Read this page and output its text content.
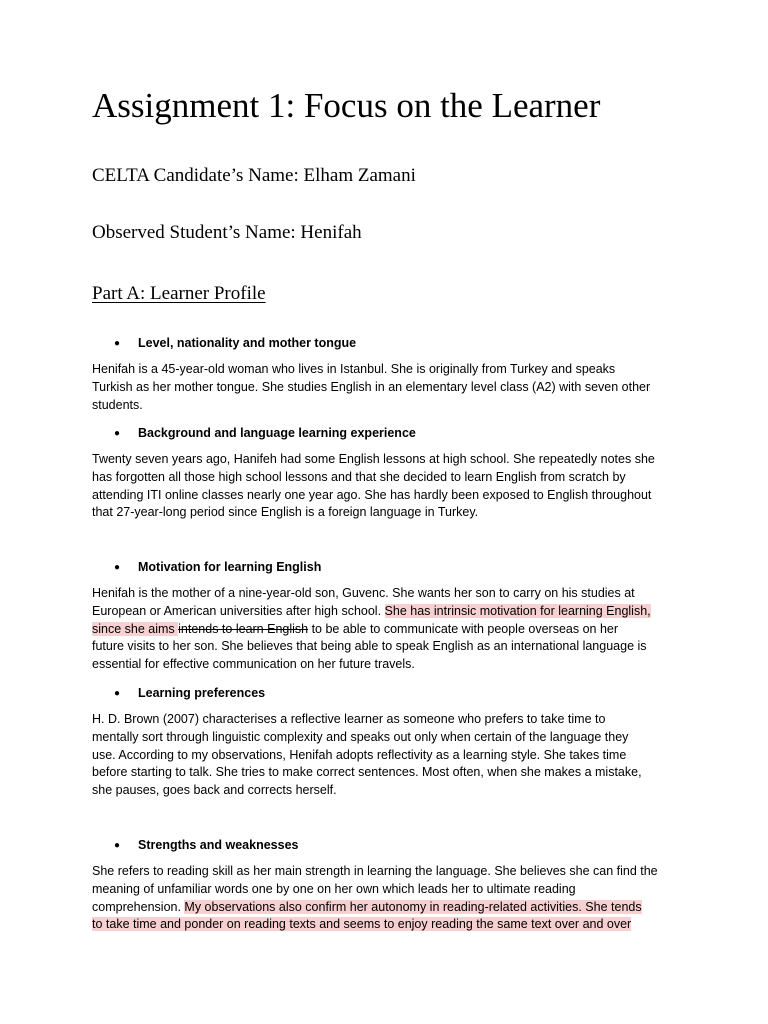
Assignment 1: Focus on the Learner

CELTA Candidate’s Name: Elham Zamani

Observed Student’s Name: Henifah

Part A: Learner Profile

● Level, nationality and mother tongue

Henifah is a 45-year-old woman who lives in Istanbul. She is originally from Turkey and speaks
Turkish as her mother tongue. She studies English in an elementary level class (A2) with seven other
students.

● Background and language learning experience

Twenty seven years ago, Hanifeh had some English lessons at high school. She repeatedly notes she
has forgotten all those high school lessons and that she decided to learn English from scratch by
attending ITI online classes nearly one year ago. She has hardly been exposed to English throughout
that 27-year-long period since English is a foreign language in Turkey.

● Motivation for learning English

Henifah is the mother of a nine-year-old son, Guvenc. She wants her son to carry on his studies at
European or American universities after high school. She has intrinsic motivation for learning English,
since she aims intends to learn English to be able to communicate with people overseas on her
future visits to her son. She believes that being able to speak English as an international language is
essential for effective communication on her future travels.

● Learning preferences

H. D. Brown (2007) characterises a reflective learner as someone who prefers to take time to
mentally sort through linguistic complexity and speaks out only when certain of the language they
use. According to my observations, Henifah adopts reflectivity as a learning style. She takes time
before starting to talk. She tries to make correct sentences. Most often, when she makes a mistake,
she pauses, goes back and corrects herself.

● Strengths and weaknesses

She refers to reading skill as her main strength in learning the language. She believes she can find the
meaning of unfamiliar words one by one on her own which leads her to ultimate reading
comprehension. My observations also confirm her autonomy in reading-related activities. She tends
to take time and ponder on reading texts and seems to enjoy reading the same text over and over
